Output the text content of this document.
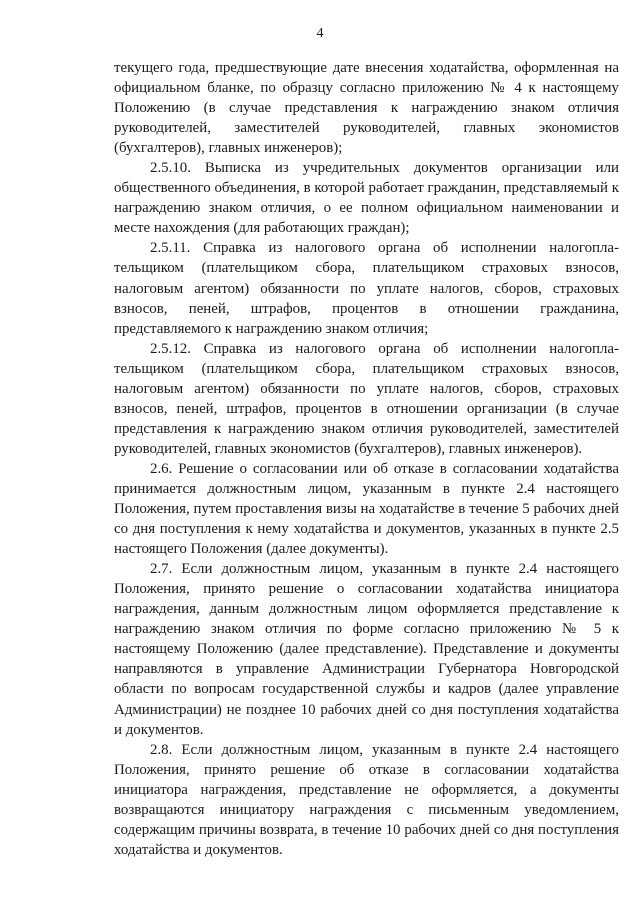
4

текущего года, предшествующие дате внесения ходатайства, оформленная на официальном бланке, по образцу согласно приложению № 4 к настоящему Положению (в случае представления к награждению знаком отличия руководителей, заместителей руководителей, главных экономистов (бухгалтеров), главных инженеров);

2.5.10. Выписка из учредительных документов организации или общественного объединения, в которой работает гражданин, представляемый к награждению знаком отличия, о ее полном официальном наименовании и месте нахождения (для работающих граждан);

2.5.11. Справка из налогового органа об исполнении налогоплательщиком (плательщиком сбора, плательщиком страховых взносов, налоговым агентом) обязанности по уплате налогов, сборов, страховых взносов, пеней, штрафов, процентов в отношении гражданина, представляемого к награждению знаком отличия;

2.5.12. Справка из налогового органа об исполнении налогоплательщиком (плательщиком сбора, плательщиком страховых взносов, налоговым агентом) обязанности по уплате налогов, сборов, страховых взносов, пеней, штрафов, процентов в отношении организации (в случае представления к награждению знаком отличия руководителей, заместителей руководителей, главных экономистов (бухгалтеров), главных инженеров).

2.6. Решение о согласовании или об отказе в согласовании ходатайства принимается должностным лицом, указанным в пункте 2.4 настоящего Положения, путем проставления визы на ходатайстве в течение 5 рабочих дней со дня поступления к нему ходатайства и документов, указанных в пункте 2.5 настоящего Положения (далее документы).

2.7. Если должностным лицом, указанным в пункте 2.4 настоящего Положения, принято решение о согласовании ходатайства инициатора награждения, данным должностным лицом оформляется представление к награждению знаком отличия по форме согласно приложению № 5 к настоящему Положению (далее представление). Представление и документы направляются в управление Администрации Губернатора Новгородской области по вопросам государственной службы и кадров (далее управление Администрации) не позднее 10 рабочих дней со дня поступления ходатайства и документов.

2.8. Если должностным лицом, указанным в пункте 2.4 настоящего Положения, принято решение об отказе в согласовании ходатайства инициатора награждения, представление не оформляется, а документы возвращаются инициатору награждения с письменным уведомлением, содержащим причины возврата, в течение 10 рабочих дней со дня поступления ходатайства и документов.
